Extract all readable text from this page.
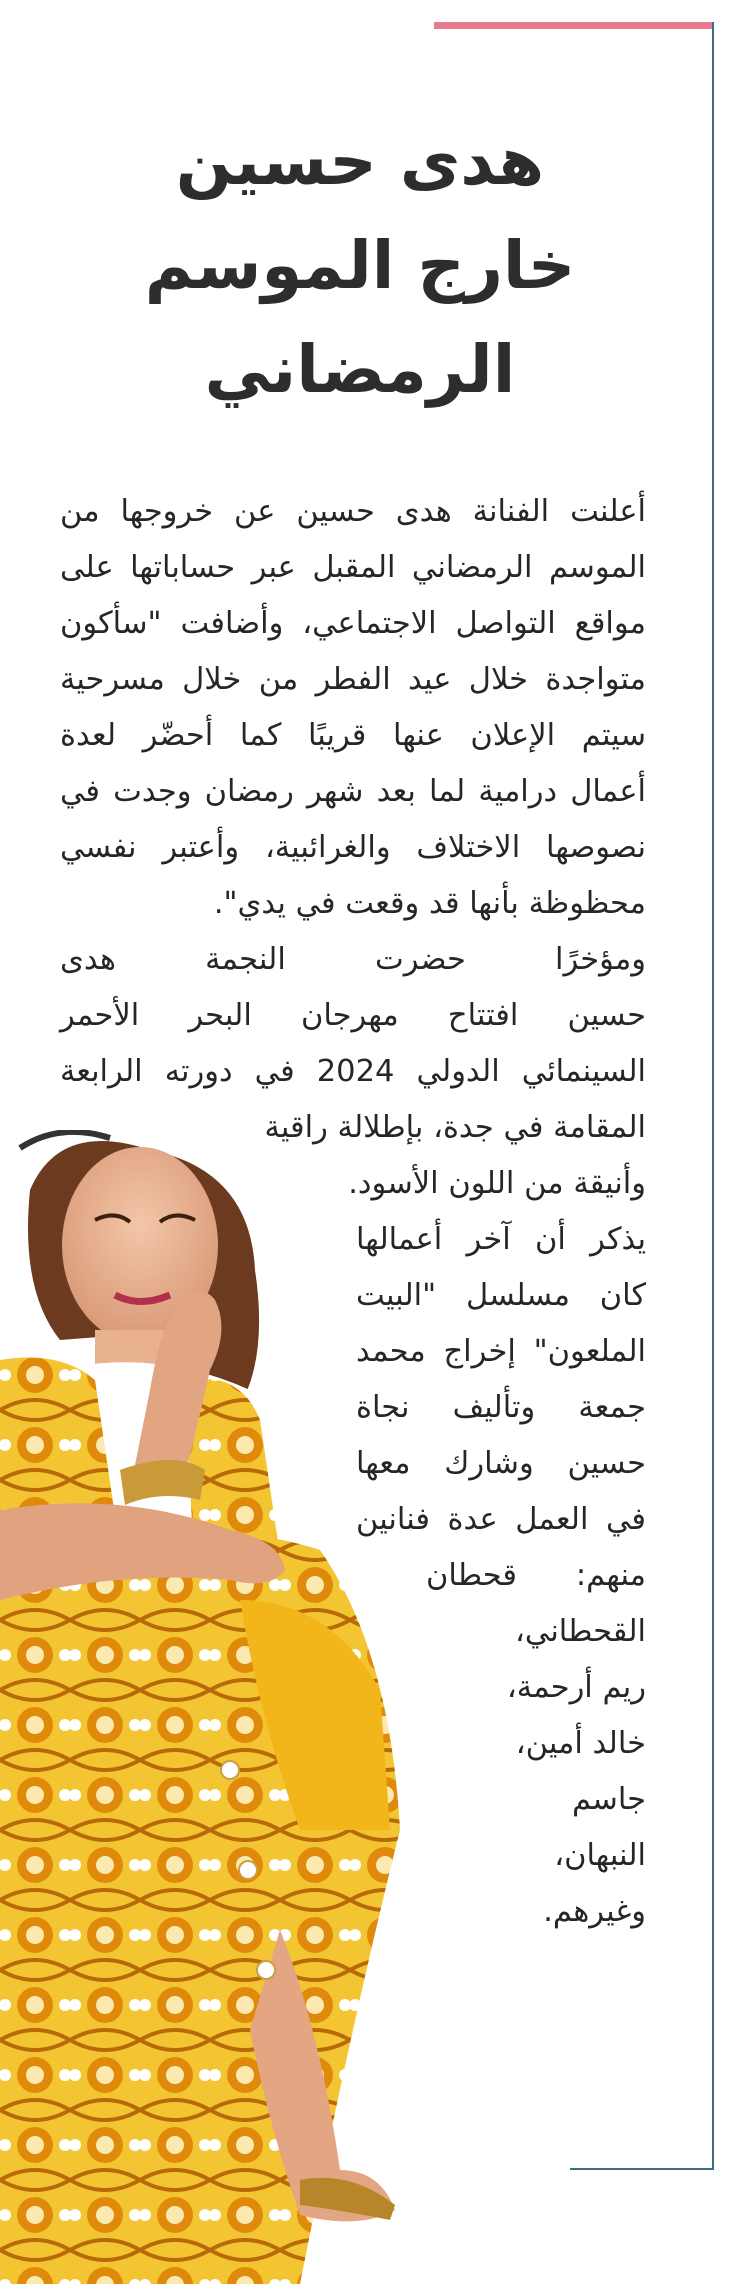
هدى حسين
خارج الموسم
الرمضاني
أعلنت الفنانة هدى حسين عن خروجها من
الموسم الرمضاني المقبل عبر حساباتها على
مواقع التواصل الاجتماعي، وأضافت "سأكون
متواجدة خلال عيد الفطر من خلال مسرحية
سيتم الإعلان عنها قريبًا كما أحضّر لعدة
أعمال درامية لما بعد شهر رمضان وجدت في
نصوصها الاختلاف والغرائبية، وأعتبر نفسي
محظوظة بأنها قد وقعت في يدي".
ومؤخرًا حضرت النجمة هدى
حسين افتتاح مهرجان البحر الأحمر
السينمائي الدولي 2024 في دورته الرابعة
المقامة في جدة، بإطلالة راقية
وأنيقة من اللون الأسود.
يذكر أن آخر أعمالها
كان مسلسل "البيت
الملعون" إخراج محمد
جمعة وتأليف نجاة
حسين وشارك معها
في العمل عدة فنانين
منهم: قحطان
القحطاني،
ريم أرحمة،
خالد أمين،
جاسم
النبهان،
وغيرهم.
